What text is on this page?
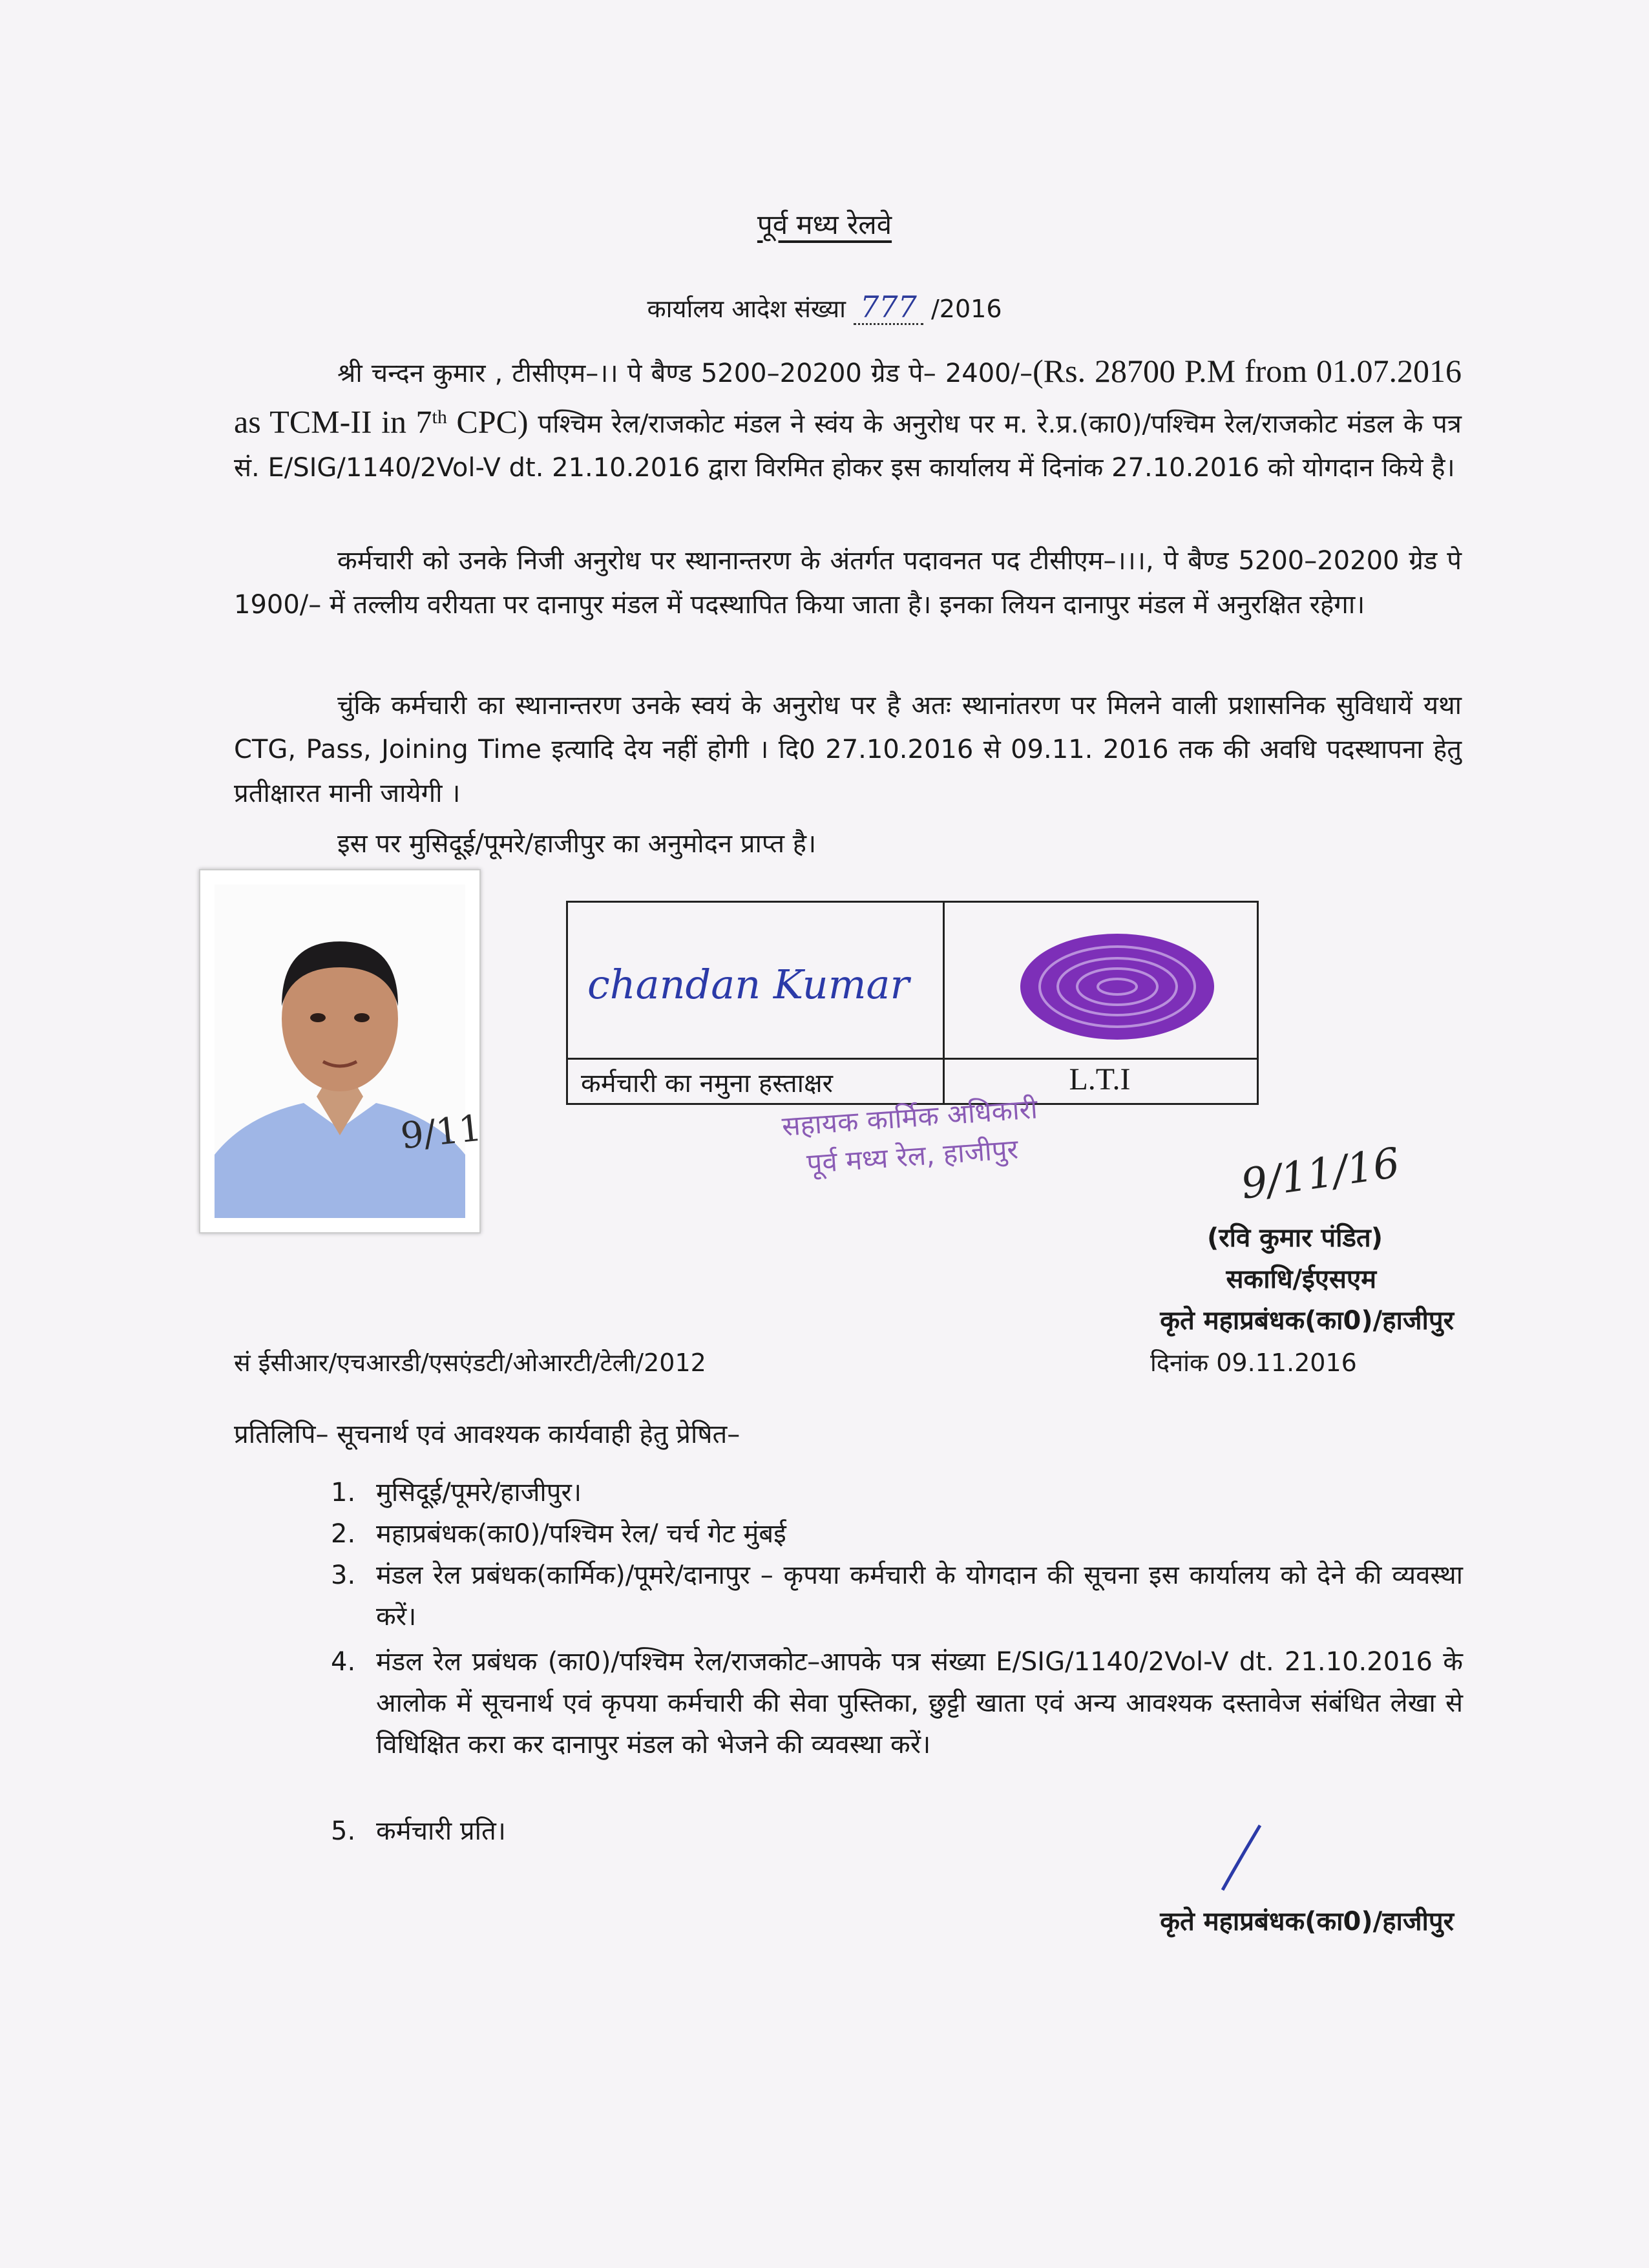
पूर्व मध्य रेलवे
कार्यालय आदेश संख्या 777 /2016
श्री चन्दन कुमार , टीसीएम–।। पे बैण्ड 5200–20200 ग्रेड पे– 2400/–(Rs. 28700 P.M from 01.07.2016 as TCM-II in 7th CPC) पश्चिम रेल/राजकोट मंडल ने स्वंय के अनुरोध पर म. रे.प्र.(का0)/पश्चिम रेल/राजकोट मंडल के पत्र सं. E/SIG/1140/2Vol-V dt. 21.10.2016 द्वारा विरमित होकर इस कार्यालय में दिनांक 27.10.2016 को योगदान किये है।

कर्मचारी को उनके निजी अनुरोध पर स्थानान्तरण के अंतर्गत पदावनत पद टीसीएम–।।।, पे बैण्ड 5200–20200 ग्रेड पे 1900/– में तल्लीय वरीयता पर दानापुर मंडल में पदस्थापित किया जाता है। इनका लियन दानापुर मंडल में अनुरक्षित रहेगा।

चुंकि कर्मचारी का स्थानान्तरण उनके स्वयं के अनुरोध पर है अतः स्थानांतरण पर मिलने वाली प्रशासनिक सुविधायें यथा CTG, Pass, Joining Time इत्यादि देय नहीं होगी । दि0 27.10.2016 से 09.11. 2016 तक की अवधि पदस्थापना हेतु प्रतीक्षारत मानी जायेगी ।

इस पर मुसिदूई/पूमरे/हाजीपुर का अनुमोदन प्राप्त है।

9/11
chandan Kumar
कर्मचारी का नमुना हस्ताक्षर	L.T.I
सहायक कार्मिक अधिकारी
पूर्व मध्य रेल, हाजीपुर	9/11/16
(रवि कुमार पंडित)
सकाधि/ईएसएम
कृते महाप्रबंधक(का0)/हाजीपुर
सं ईसीआर/एचआरडी/एसएंडटी/ओआरटी/टेली/2012	दिनांक 09.11.2016
प्रतिलिपि– सूचनार्थ एवं आवश्यक कार्यवाही हेतु प्रेषित–
1. मुसिदूई/पूमरे/हाजीपुर।
2. महाप्रबंधक(का0)/पश्चिम रेल/ चर्च गेट मुंबई
3. मंडल रेल प्रबंधक(कार्मिक)/पूमरे/दानापुर – कृपया कर्मचारी के योगदान की सूचना इस कार्यालय को देने की व्यवस्था करें।
4. मंडल रेल प्रबंधक (का0)/पश्चिम रेल/राजकोट–आपके पत्र संख्या E/SIG/1140/2Vol-V dt. 21.10.2016 के आलोक में सूचनार्थ एवं कृपया कर्मचारी की सेवा पुस्तिका, छुट्टी खाता एवं अन्य आवश्यक दस्तावेज संबंधित लेखा से विधिक्षित करा कर दानापुर मंडल को भेजने की व्यवस्था करें।
5. कर्मचारी प्रति।
कृते महाप्रबंधक(का0)/हाजीपुर
